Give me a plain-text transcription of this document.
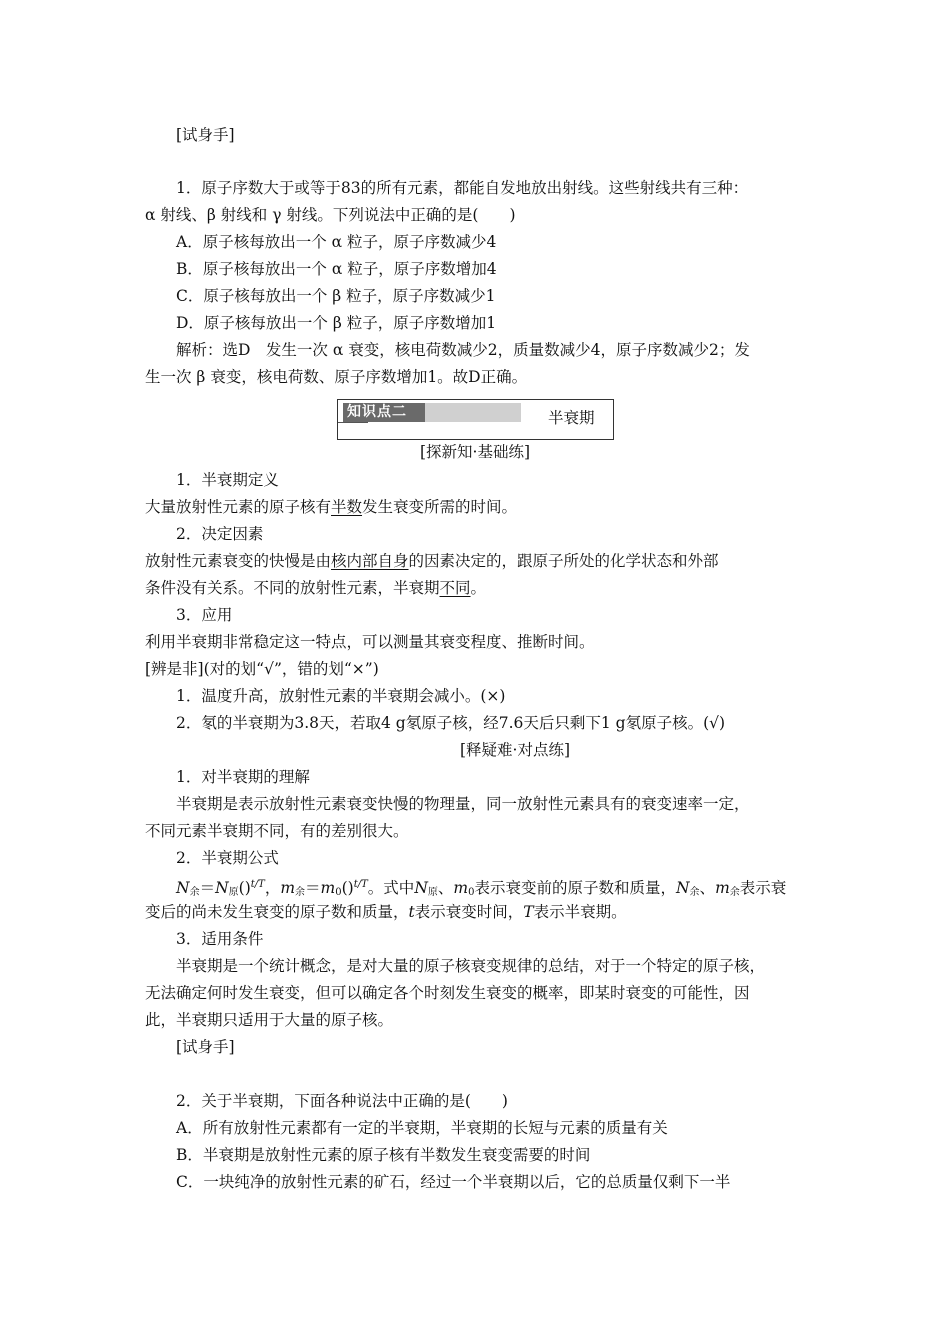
[试身手]
1．原子序数大于或等于83的所有元素，都能自发地放出射线。这些射线共有三种：
α 射线、β 射线和 γ 射线。下列说法中正确的是(　　)
A．原子核每放出一个 α 粒子，原子序数减少4
B．原子核每放出一个 α 粒子，原子序数增加4
C．原子核每放出一个 β 粒子，原子序数减少1
D．原子核每放出一个 β 粒子，原子序数增加1
解析：选D　发生一次 α 衰变，核电荷数减少2，质量数减少4，原子序数减少2；发
生一次 β 衰变，核电荷数、原子序数增加1。故D正确。
知识点二	半衰期
[探新知·基础练]
1．半衰期定义
大量放射性元素的原子核有半数发生衰变所需的时间。
2．决定因素
放射性元素衰变的快慢是由核内部自身的因素决定的，跟原子所处的化学状态和外部
条件没有关系。不同的放射性元素，半衰期不同。
3．应用
利用半衰期非常稳定这一特点，可以测量其衰变程度、推断时间。
[辨是非](对的划“√”，错的划“×”)
1．温度升高，放射性元素的半衰期会减小。(×)
2．氡的半衰期为3.8天，若取4 g氡原子核，经7.6天后只剩下1 g氡原子核。(√)
[释疑难·对点练]
1．对半衰期的理解
半衰期是表示放射性元素衰变快慢的物理量，同一放射性元素具有的衰变速率一定，
不同元素半衰期不同，有的差别很大。
2．半衰期公式
$N_余=N_原()^{t/T}$，$m_余=m_0()^{t/T}$。式中$N_原$、$m_0$表示衰变前的原子数和质量，$N_余$、$m_余$表示衰
变后的尚未发生衰变的原子数和质量，t表示衰变时间，T表示半衰期。
3．适用条件
半衰期是一个统计概念，是对大量的原子核衰变规律的总结，对于一个特定的原子核，
无法确定何时发生衰变，但可以确定各个时刻发生衰变的概率，即某时衰变的可能性，因
此，半衰期只适用于大量的原子核。
[试身手]
2．关于半衰期，下面各种说法中正确的是(　　)
A．所有放射性元素都有一定的半衰期，半衰期的长短与元素的质量有关
B．半衰期是放射性元素的原子核有半数发生衰变需要的时间
C．一块纯净的放射性元素的矿石，经过一个半衰期以后，它的总质量仅剩下一半
